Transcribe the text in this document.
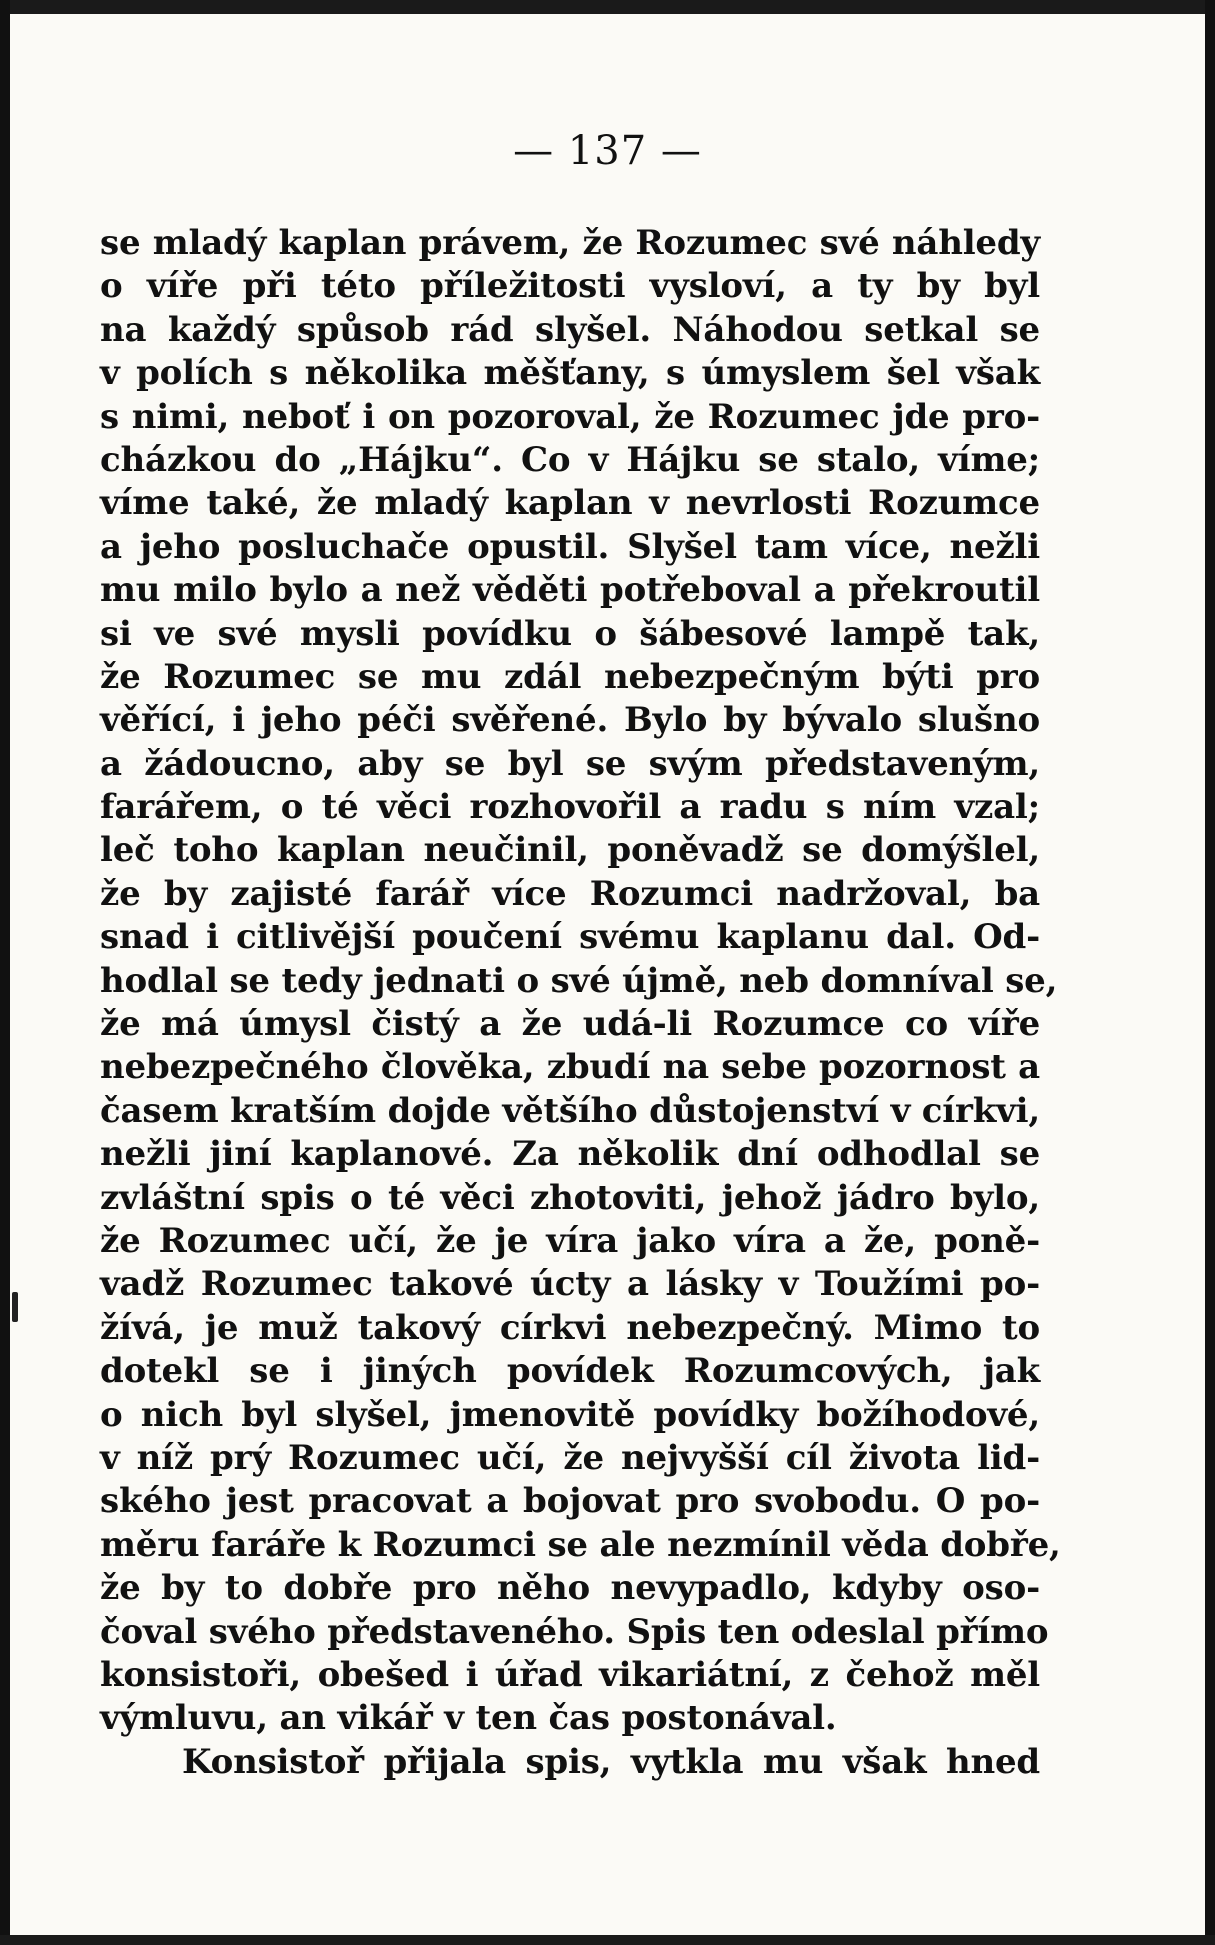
— 137 —
se mladý kaplan právem, že Rozumec své náhledy
o víře při této příležitosti vysloví, a ty by byl
na každý spůsob rád slyšel. Náhodou setkal se
v polích s několika měšťany, s úmyslem šel však
s nimi, neboť i on pozoroval, že Rozumec jde pro-
cházkou do „Hájku“. Co v Hájku se stalo, víme;
víme také, že mladý kaplan v nevrlosti Rozumce
a jeho posluchače opustil. Slyšel tam více, nežli
mu milo bylo a než věděti potřeboval a překroutil
si ve své mysli povídku o šábesové lampě tak,
že Rozumec se mu zdál nebezpečným býti pro
věřící, i jeho péči svěřené. Bylo by bývalo slušno
a žádoucno, aby se byl se svým představeným,
farářem, o té věci rozhovořil a radu s ním vzal;
leč toho kaplan neučinil, poněvadž se domýšlel,
že by zajisté farář více Rozumci nadržoval, ba
snad i citlivější poučení svému kaplanu dal. Od-
hodlal se tedy jednati o své újmě, neb domníval se,
že má úmysl čistý a že udá-li Rozumce co víře
nebezpečného člověka, zbudí na sebe pozornost a
časem kratším dojde většího důstojenství v církvi,
nežli jiní kaplanové. Za několik dní odhodlal se
zvláštní spis o té věci zhotoviti, jehož jádro bylo,
že Rozumec učí, že je víra jako víra a že, poně-
vadž Rozumec takové úcty a lásky v Toužími po-
žívá, je muž takový církvi nebezpečný. Mimo to
dotekl se i jiných povídek Rozumcových, jak
o nich byl slyšel, jmenovitě povídky božíhodové,
v níž prý Rozumec učí, že nejvyšší cíl života lid-
ského jest pracovat a bojovat pro svobodu. O po-
měru faráře k Rozumci se ale nezmínil věda dobře,
že by to dobře pro něho nevypadlo, kdyby oso-
čoval svého představeného. Spis ten odeslal přímo
konsistoři, obešed i úřad vikariátní, z čehož měl
výmluvu, an vikář v ten čas postonával.
Konsistoř přijala spis, vytkla mu však hned
